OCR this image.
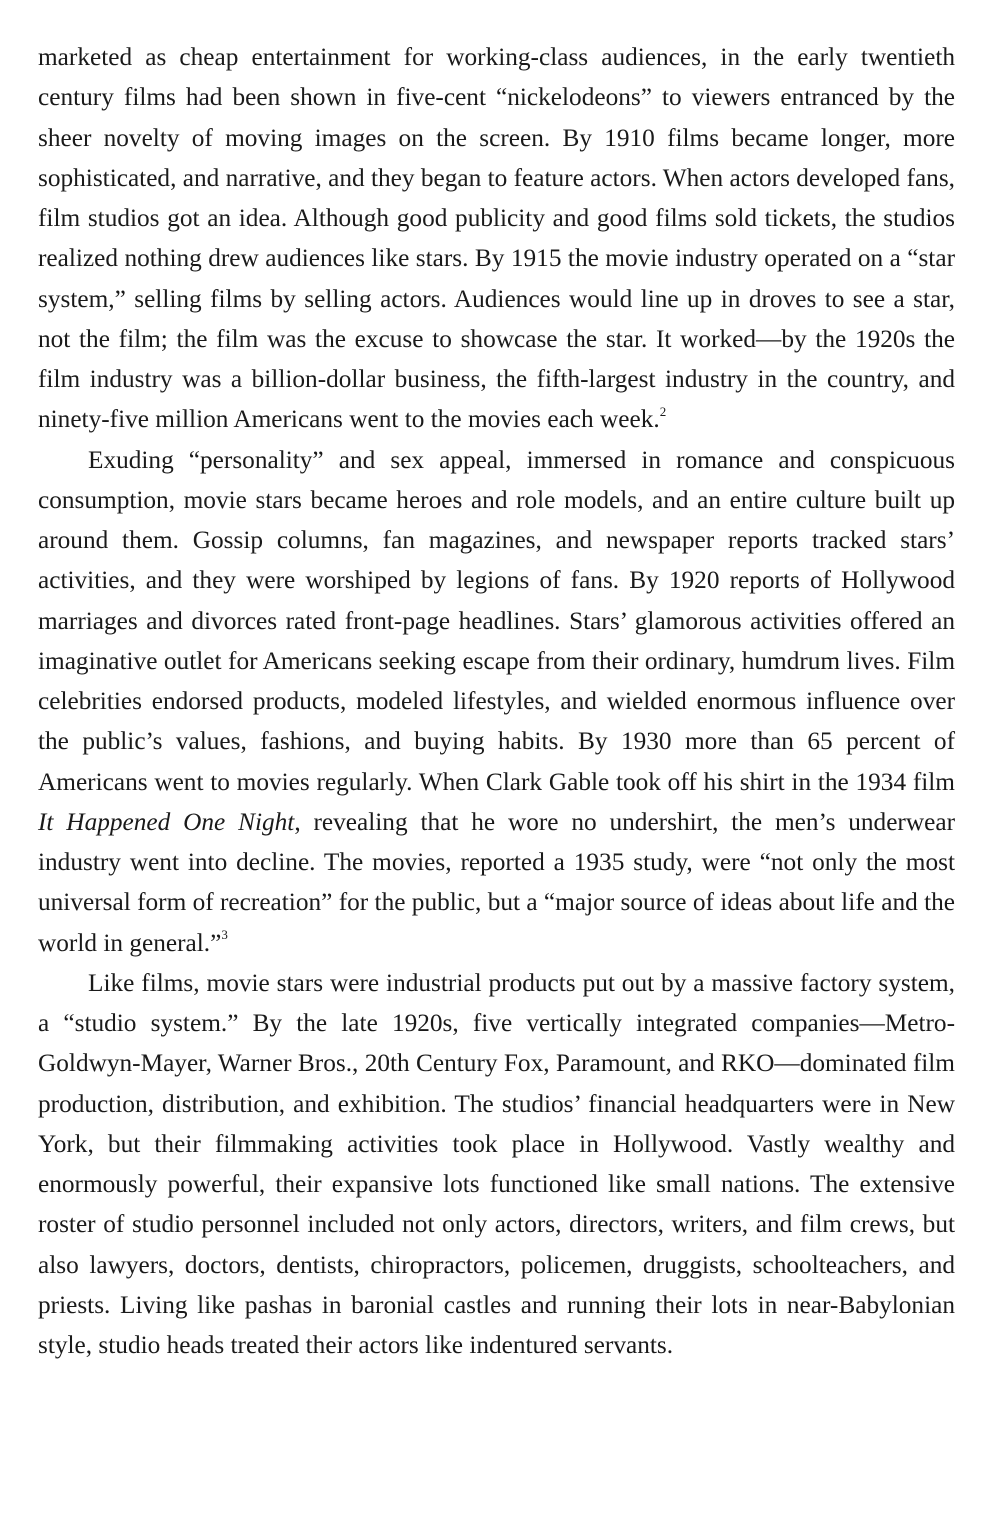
marketed as cheap entertainment for working-class audiences, in the early twentieth century films had been shown in five-cent “nickelodeons” to viewers entranced by the sheer novelty of moving images on the screen. By 1910 films became longer, more sophisticated, and narrative, and they began to feature actors. When actors developed fans, film studios got an idea. Although good publicity and good films sold tickets, the studios realized nothing drew audiences like stars. By 1915 the movie industry operated on a “star system,” selling films by selling actors. Audiences would line up in droves to see a star, not the film; the film was the excuse to showcase the star. It worked—by the 1920s the film industry was a billion-dollar business, the fifth-largest industry in the country, and ninety-five million Americans went to the movies each week.$^2$

Exuding “personality” and sex appeal, immersed in romance and conspicuous consumption, movie stars became heroes and role models, and an entire culture built up around them. Gossip columns, fan magazines, and newspaper reports tracked stars’ activities, and they were worshiped by legions of fans. By 1920 reports of Hollywood marriages and divorces rated front-page headlines. Stars’ glamorous activities offered an imaginative outlet for Americans seeking escape from their ordinary, humdrum lives. Film celebrities endorsed products, modeled lifestyles, and wielded enormous influence over the public’s values, fashions, and buying habits. By 1930 more than 65 percent of Americans went to movies regularly. When Clark Gable took off his shirt in the 1934 film It Happened One Night, revealing that he wore no undershirt, the men’s underwear industry went into decline. The movies, reported a 1935 study, were “not only the most universal form of recreation” for the public, but a “major source of ideas about life and the world in general.”$^3$

Like films, movie stars were industrial products put out by a massive factory system, a “studio system.” By the late 1920s, five vertically integrated companies—Metro-Goldwyn-Mayer, Warner Bros., 20th Century Fox, Paramount, and RKO—dominated film production, distribution, and exhibition. The studios’ financial headquarters were in New York, but their filmmaking activities took place in Hollywood. Vastly wealthy and enormously powerful, their expansive lots functioned like small nations. The extensive roster of studio personnel included not only actors, directors, writers, and film crews, but also lawyers, doctors, dentists, chiropractors, policemen, druggists, schoolteachers, and priests. Living like pashas in baronial castles and running their lots in near-Babylonian style, studio heads treated their actors like indentured servants.
